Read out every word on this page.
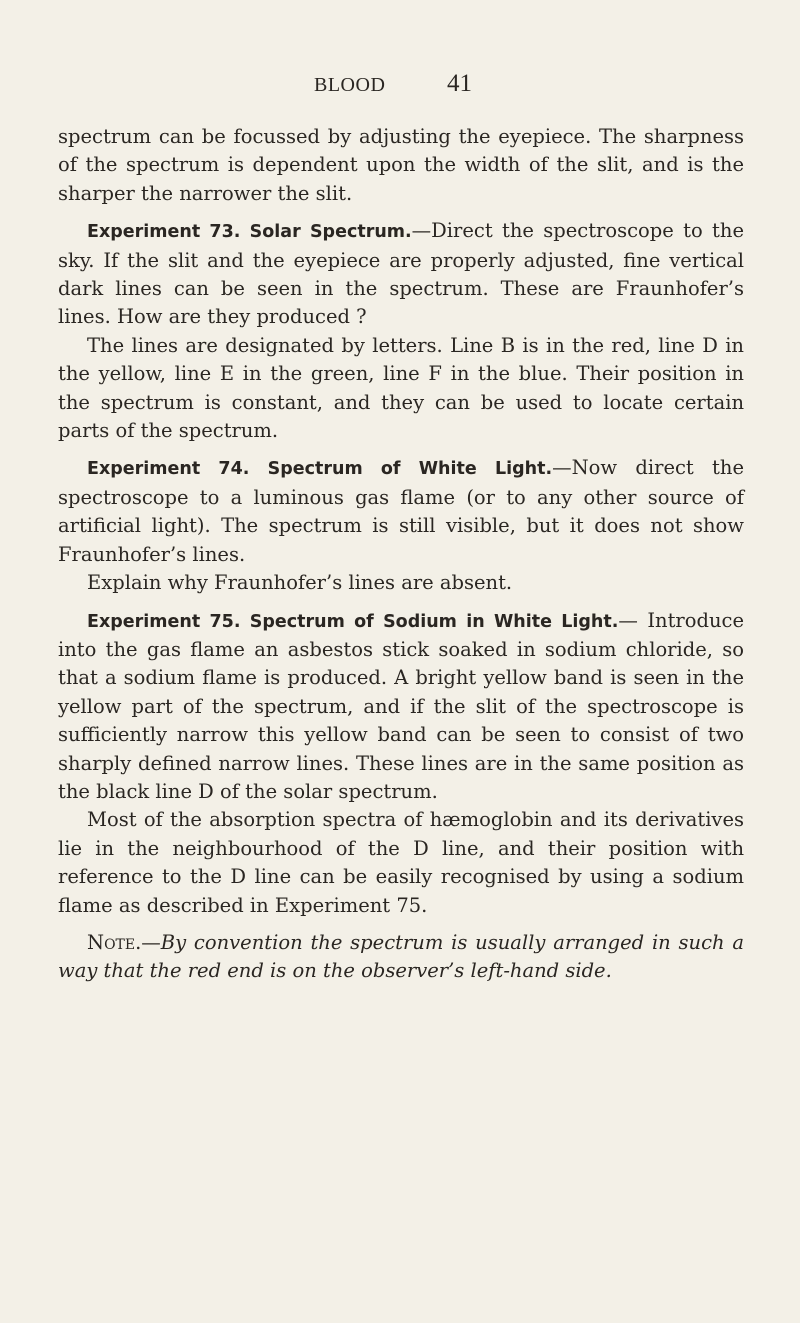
BLOOD 41

spectrum can be focussed by adjusting the eyepiece. The sharpness of the spectrum is dependent upon the width of the slit, and is the sharper the narrower the slit.

Experiment 73. Solar Spectrum.—Direct the spectroscope to the sky. If the slit and the eyepiece are properly adjusted, fine vertical dark lines can be seen in the spectrum. These are Fraunhofer’s lines. How are they produced ?

The lines are designated by letters. Line B is in the red, line D in the yellow, line E in the green, line F in the blue. Their position in the spectrum is constant, and they can be used to locate certain parts of the spectrum.

Experiment 74. Spectrum of White Light.—Now direct the spectroscope to a luminous gas flame (or to any other source of artificial light). The spectrum is still visible, but it does not show Fraunhofer’s lines.

Explain why Fraunhofer’s lines are absent.

Experiment 75. Spectrum of Sodium in White Light.— Introduce into the gas flame an asbestos stick soaked in sodium chloride, so that a sodium flame is produced. A bright yellow band is seen in the yellow part of the spectrum, and if the slit of the spectroscope is sufficiently narrow this yellow band can be seen to consist of two sharply defined narrow lines. These lines are in the same position as the black line D of the solar spectrum.

Most of the absorption spectra of hæmoglobin and its derivatives lie in the neighbourhood of the D line, and their position with reference to the D line can be easily recognised by using a sodium flame as described in Experiment 75.

Note.—By convention the spectrum is usually arranged in such a way that the red end is on the observer’s left-hand side.
